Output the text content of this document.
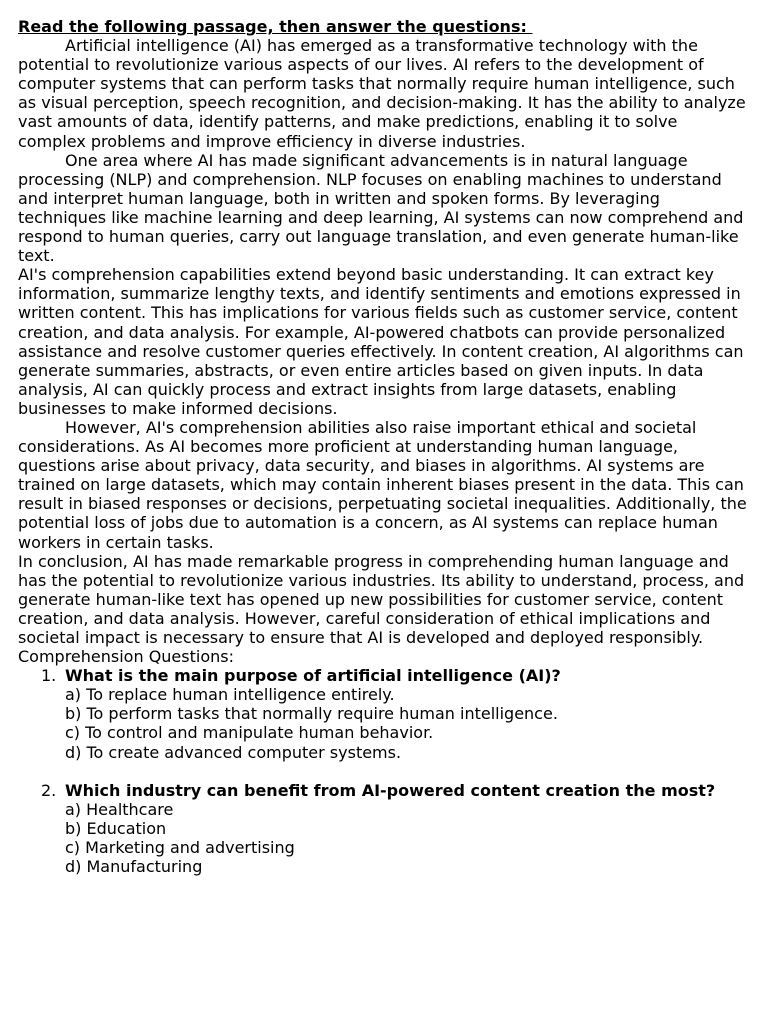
Read the following passage, then answer the questions:

Artificial intelligence (AI) has emerged as a transformative technology with the potential to revolutionize various aspects of our lives. AI refers to the development of computer systems that can perform tasks that normally require human intelligence, such as visual perception, speech recognition, and decision-making. It has the ability to analyze vast amounts of data, identify patterns, and make predictions, enabling it to solve complex problems and improve efficiency in diverse industries.

One area where AI has made significant advancements is in natural language processing (NLP) and comprehension. NLP focuses on enabling machines to understand and interpret human language, both in written and spoken forms. By leveraging techniques like machine learning and deep learning, AI systems can now comprehend and respond to human queries, carry out language translation, and even generate human-like text.

AI's comprehension capabilities extend beyond basic understanding. It can extract key information, summarize lengthy texts, and identify sentiments and emotions expressed in written content. This has implications for various fields such as customer service, content creation, and data analysis. For example, AI-powered chatbots can provide personalized assistance and resolve customer queries effectively. In content creation, AI algorithms can generate summaries, abstracts, or even entire articles based on given inputs. In data analysis, AI can quickly process and extract insights from large datasets, enabling businesses to make informed decisions.

However, AI's comprehension abilities also raise important ethical and societal considerations. As AI becomes more proficient at understanding human language, questions arise about privacy, data security, and biases in algorithms. AI systems are trained on large datasets, which may contain inherent biases present in the data. This can result in biased responses or decisions, perpetuating societal inequalities. Additionally, the potential loss of jobs due to automation is a concern, as AI systems can replace human workers in certain tasks.

In conclusion, AI has made remarkable progress in comprehending human language and has the potential to revolutionize various industries. Its ability to understand, process, and generate human-like text has opened up new possibilities for customer service, content creation, and data analysis. However, careful consideration of ethical implications and societal impact is necessary to ensure that AI is developed and deployed responsibly.

Comprehension Questions:
1. What is the main purpose of artificial intelligence (AI)?
a) To replace human intelligence entirely.
b) To perform tasks that normally require human intelligence.
c) To control and manipulate human behavior.
d) To create advanced computer systems.
2. Which industry can benefit from AI-powered content creation the most?
a) Healthcare
b) Education
c) Marketing and advertising
d) Manufacturing
